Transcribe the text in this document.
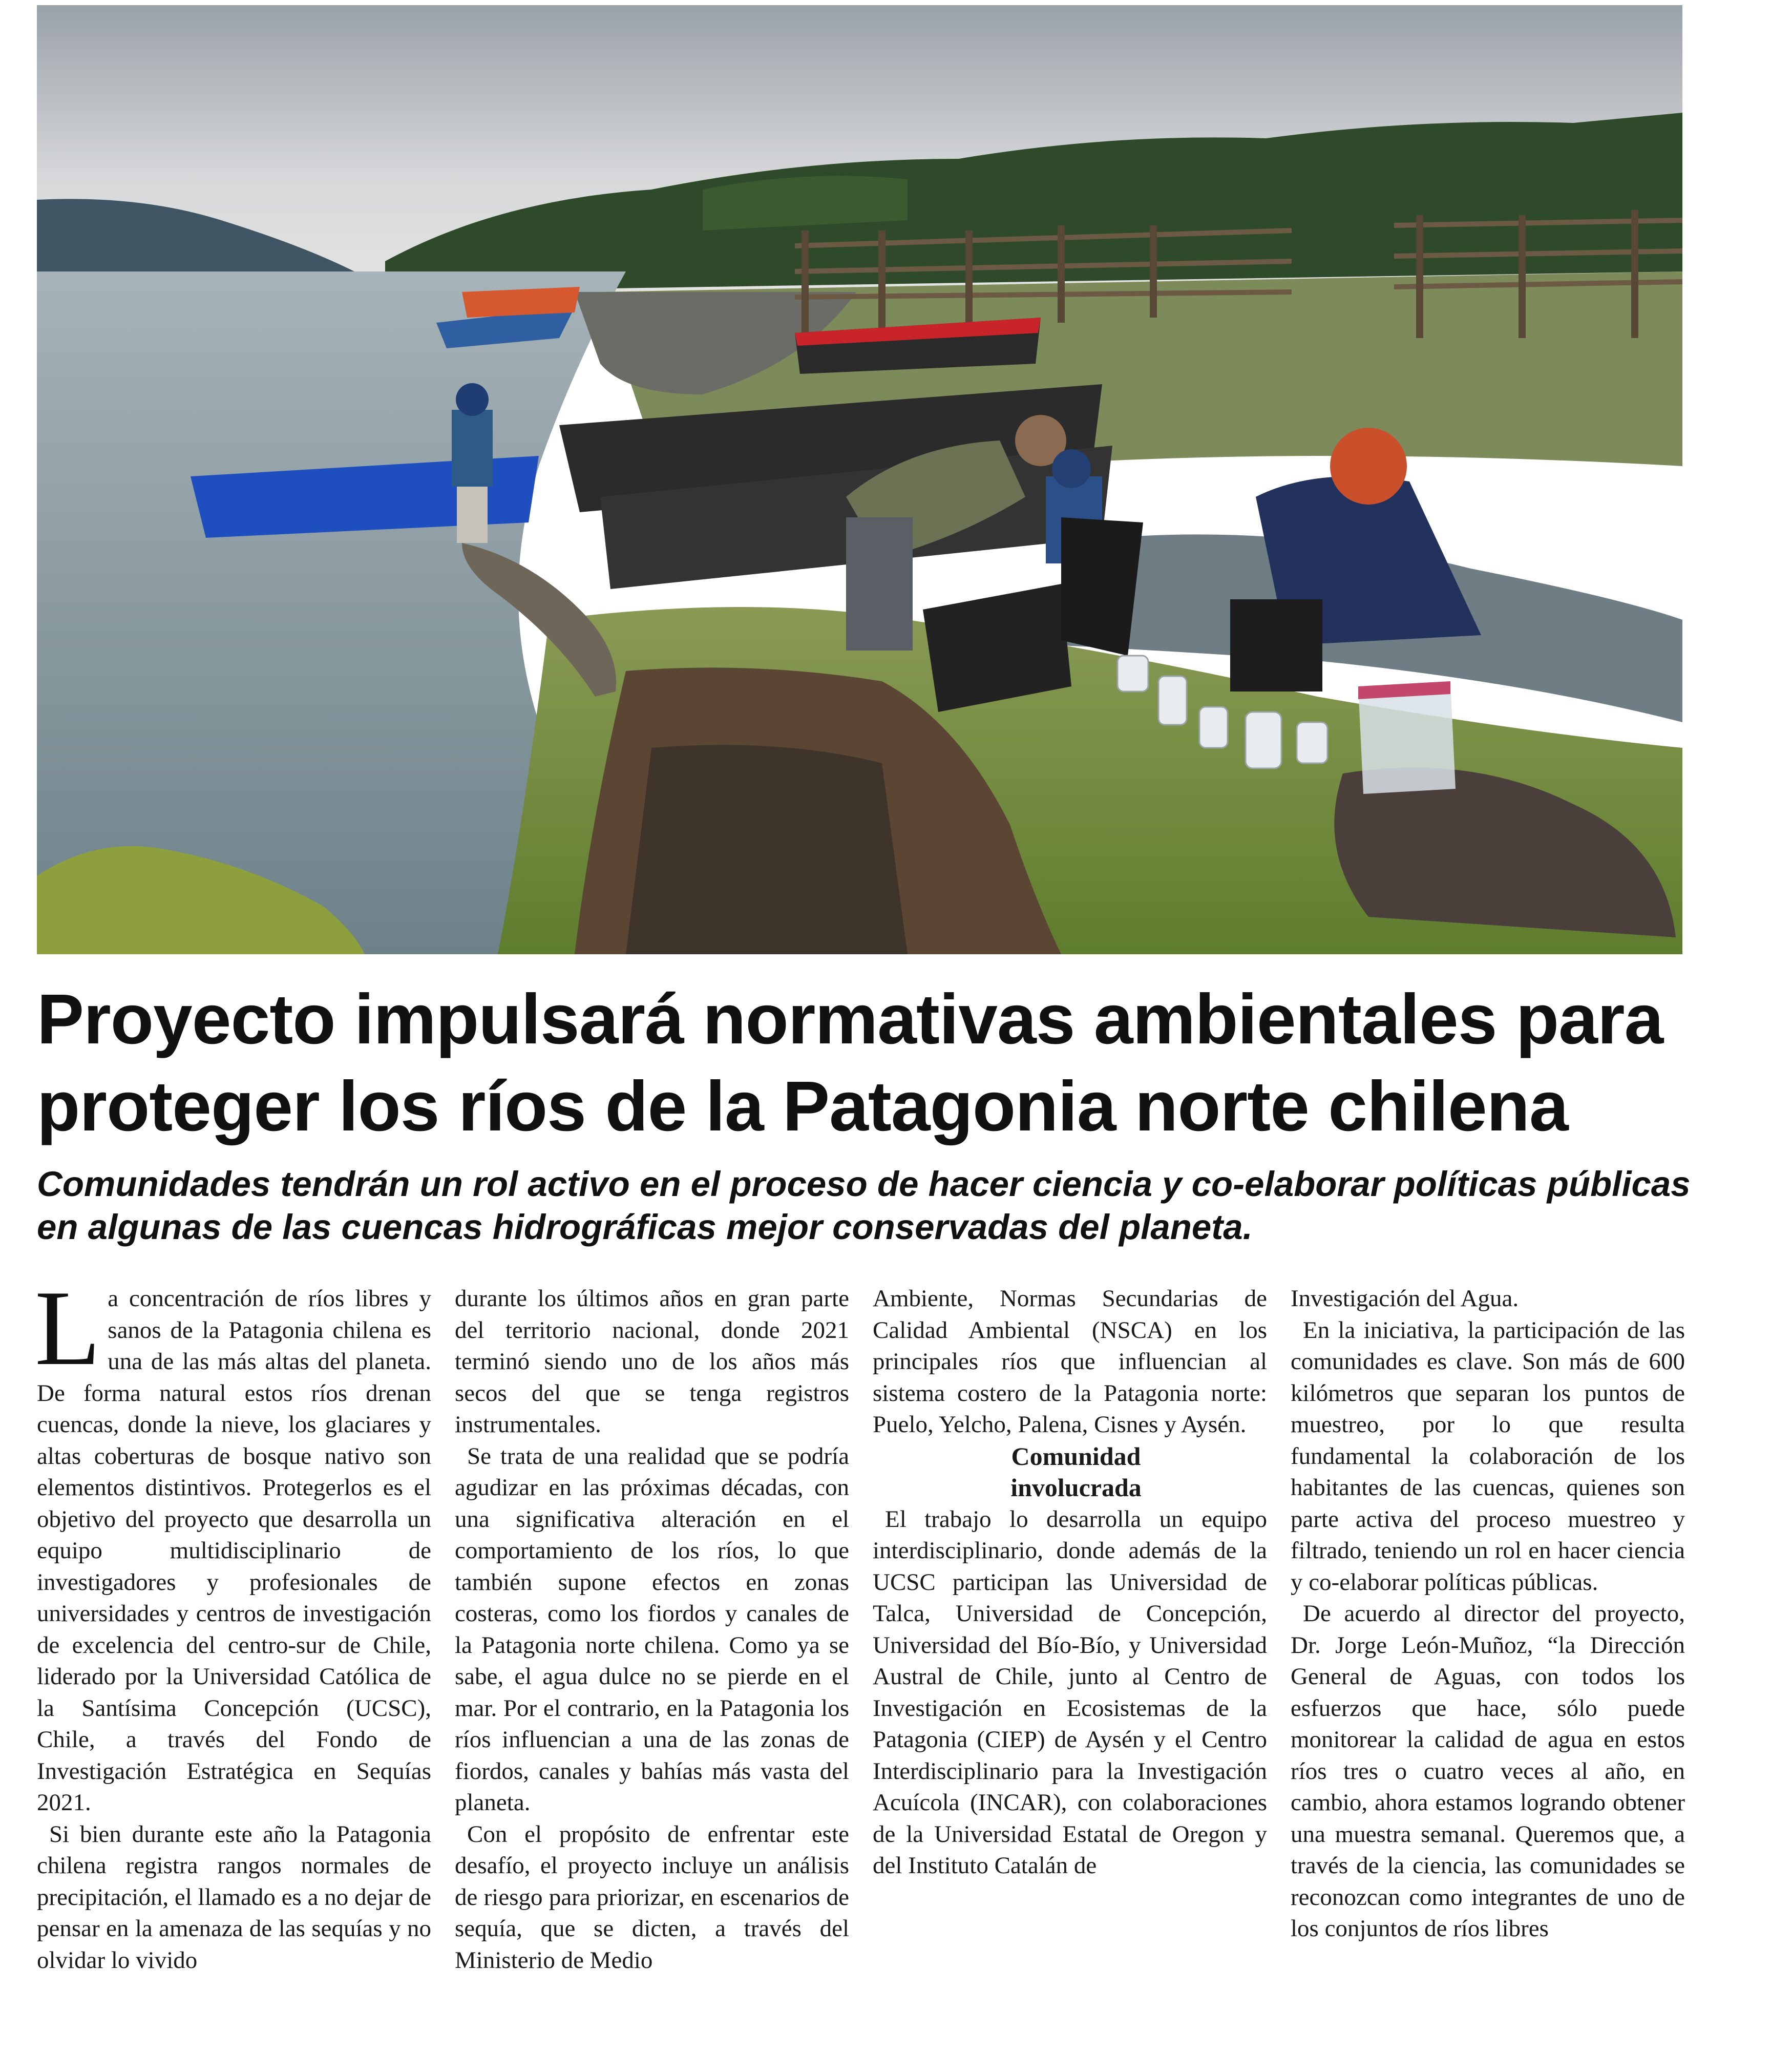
Proyecto impulsará normativas ambientales para
proteger los ríos de la Patagonia norte chilena
Comunidades tendrán un rol activo en el proceso de hacer ciencia y co-elaborar políticas públicas
en algunas de las cuencas hidrográficas mejor conservadas del planeta.

La concentración de ríos libres y sanos de la Patagonia chilena es una de las más altas del planeta. De forma natural estos ríos drenan cuencas, donde la nieve, los glaciares y altas coberturas de bosque nativo son elementos distintivos. Protegerlos es el objetivo del proyecto que desarrolla un equipo multidisciplinario de investigadores y profesionales de universidades y centros de investigación de excelencia del centro-sur de Chile, liderado por la Universidad Católica de la Santísima Concepción (UCSC), Chile, a través del Fondo de Investigación Estratégica en Sequías 2021.

Si bien durante este año la Patagonia chilena registra rangos normales de precipitación, el llamado es a no dejar de pensar en la amenaza de las sequías y no olvidar lo vivido

durante los últimos años en gran parte del territorio nacional, donde 2021 terminó siendo uno de los años más secos del que se tenga registros instrumentales.

Se trata de una realidad que se podría agudizar en las próximas décadas, con una significativa alteración en el comportamiento de los ríos, lo que también supone efectos en zonas costeras, como los fiordos y canales de la Patagonia norte chilena. Como ya se sabe, el agua dulce no se pierde en el mar. Por el contrario, en la Patagonia los ríos influencian a una de las zonas de fiordos, canales y bahías más vasta del planeta.

Con el propósito de enfrentar este desafío, el proyecto incluye un análisis de riesgo para priorizar, en escenarios de sequía, que se dicten, a través del Ministerio de Medio

Ambiente, Normas Secundarias de Calidad Ambiental (NSCA) en los principales ríos que influencian al sistema costero de la Patagonia norte: Puelo, Yelcho, Palena, Cisnes y Aysén.

Comunidad
involucrada

El trabajo lo desarrolla un equipo interdisciplinario, donde además de la UCSC participan las Universidad de Talca, Universidad de Concepción, Universidad del Bío-Bío, y Universidad Austral de Chile, junto al Centro de Investigación en Ecosistemas de la Patagonia (CIEP) de Aysén y el Centro Interdisciplinario para la Investigación Acuícola (INCAR), con colaboraciones de la Universidad Estatal de Oregon y del Instituto Catalán de

Investigación del Agua.

En la iniciativa, la participación de las comunidades es clave. Son más de 600 kilómetros que separan los puntos de muestreo, por lo que resulta fundamental la colaboración de los habitantes de las cuencas, quienes son parte activa del proceso muestreo y filtrado, teniendo un rol en hacer ciencia y co-elaborar políticas públicas.

De acuerdo al director del proyecto, Dr. Jorge León-Muñoz, “la Dirección General de Aguas, con todos los esfuerzos que hace, sólo puede monitorear la calidad de agua en estos ríos tres o cuatro veces al año, en cambio, ahora estamos logrando obtener una muestra semanal. Queremos que, a través de la ciencia, las comunidades se reconozcan como integrantes de uno de los conjuntos de ríos libres
